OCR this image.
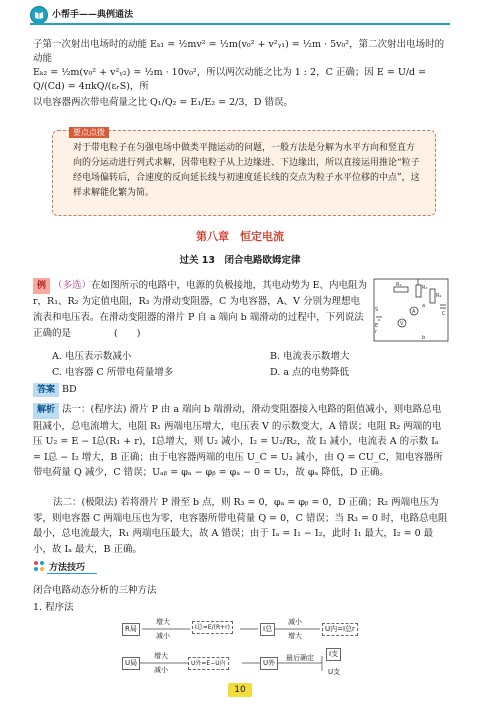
小帮手——典例通法

子第一次射出电场时的动能 Eₖ₁ = ½mv² = ½m(v₀² + v²ᵧ₁) = ½m · 5v₀²，第二次射出电场时的动能

Eₖ₂ = ½m(v₀² + v²ᵧ₂) = ½m · 10v₀²，所以两次动能之比为 1 : 2，C 正确；因 E = U/d = Q/(Cd) = 4πkQ/(εᵣS)，所

以电容器两次带电荷量之比 Q₁/Q₂ = E₁/E₂ = 2/3，D 错误。

要点点拨
对于带电粒子在匀强电场中做类平抛运动的问题，一般方法是分解为水平方向和竖直方向的分运动进行列式求解，因带电粒子从上边缘进、下边缘出，所以直接运用推论“粒子经电场偏转后，合速度的反向延长线与初速度延长线的交点为粒子水平位移的中点”，这样求解能化繁为简。
第八章　恒定电流
过关 13　闭合电路欧姆定律
例 （多选）在如图所示的电路中，电源的负极接地，其电动势为 E、内电阻为 r，R₁、R₂ 为定值电阻，R₃ 为滑动变阻器，C 为电容器，A、V 分别为理想电流表和电压表。在滑动变阻器的滑片 P 自 a 端向 b 端滑动的过程中，下列说法正确的是	(　　)
R₁	R₃
R₂
C
A
V
S
E
r
a
b
A. 电压表示数减小	B. 电流表示数增大
C. 电容器 C 所带电荷量增多	D. a 点的电势降低
答案 BD
解析 法一：(程序法) 滑片 P 由 a 端向 b 端滑动，滑动变阻器接入电路的阻值减小，则电路总电阻减小，总电流增大，电阻 R₁ 两端电压增大，电压表 V 的示数变大，A 错误；电阻 R₂ 两端的电压 U₂ = E − I总(R₁ + r)，I总增大，则 U₂ 减小，I₂ = U₂/R₂，故 I₂ 减小，电流表 A 的示数 Iₐ = I总 − I₂ 增大，B 正确；由于电容器两端的电压 U_C = U₂ 减小，由 Q = CU_C，知电容器所带电荷量 Q 减少，C 错误；Uₐᵦ = φₐ − φᵦ = φₐ − 0 = U₂，故 φₐ 降低，D 正确。
法二：(极限法) 若将滑片 P 滑至 b 点，则 R₃ = 0，φₐ = φᵦ = 0，D 正确；R₂ 两端电压为零，则电容器 C 两端电压也为零，电容器所带电荷量 Q = 0，C 错误；当 R₃ = 0 时，电路总电阻最小，总电流最大，R₁ 两端电压最大，故 A 错误；由于 Iₐ = I₁ − I₂，此时 I₁ 最大，I₂ = 0 最小，故 Iₐ 最大，B 正确。
方法技巧
闭合电路动态分析的三种方法
1. 程序法
R局
增大
减小
I总=E/(R+r)	I总
减小
增大
U内=I总r
U局
增大
减小
U外=E−U内	U外
最后确定	I支
U支
10
